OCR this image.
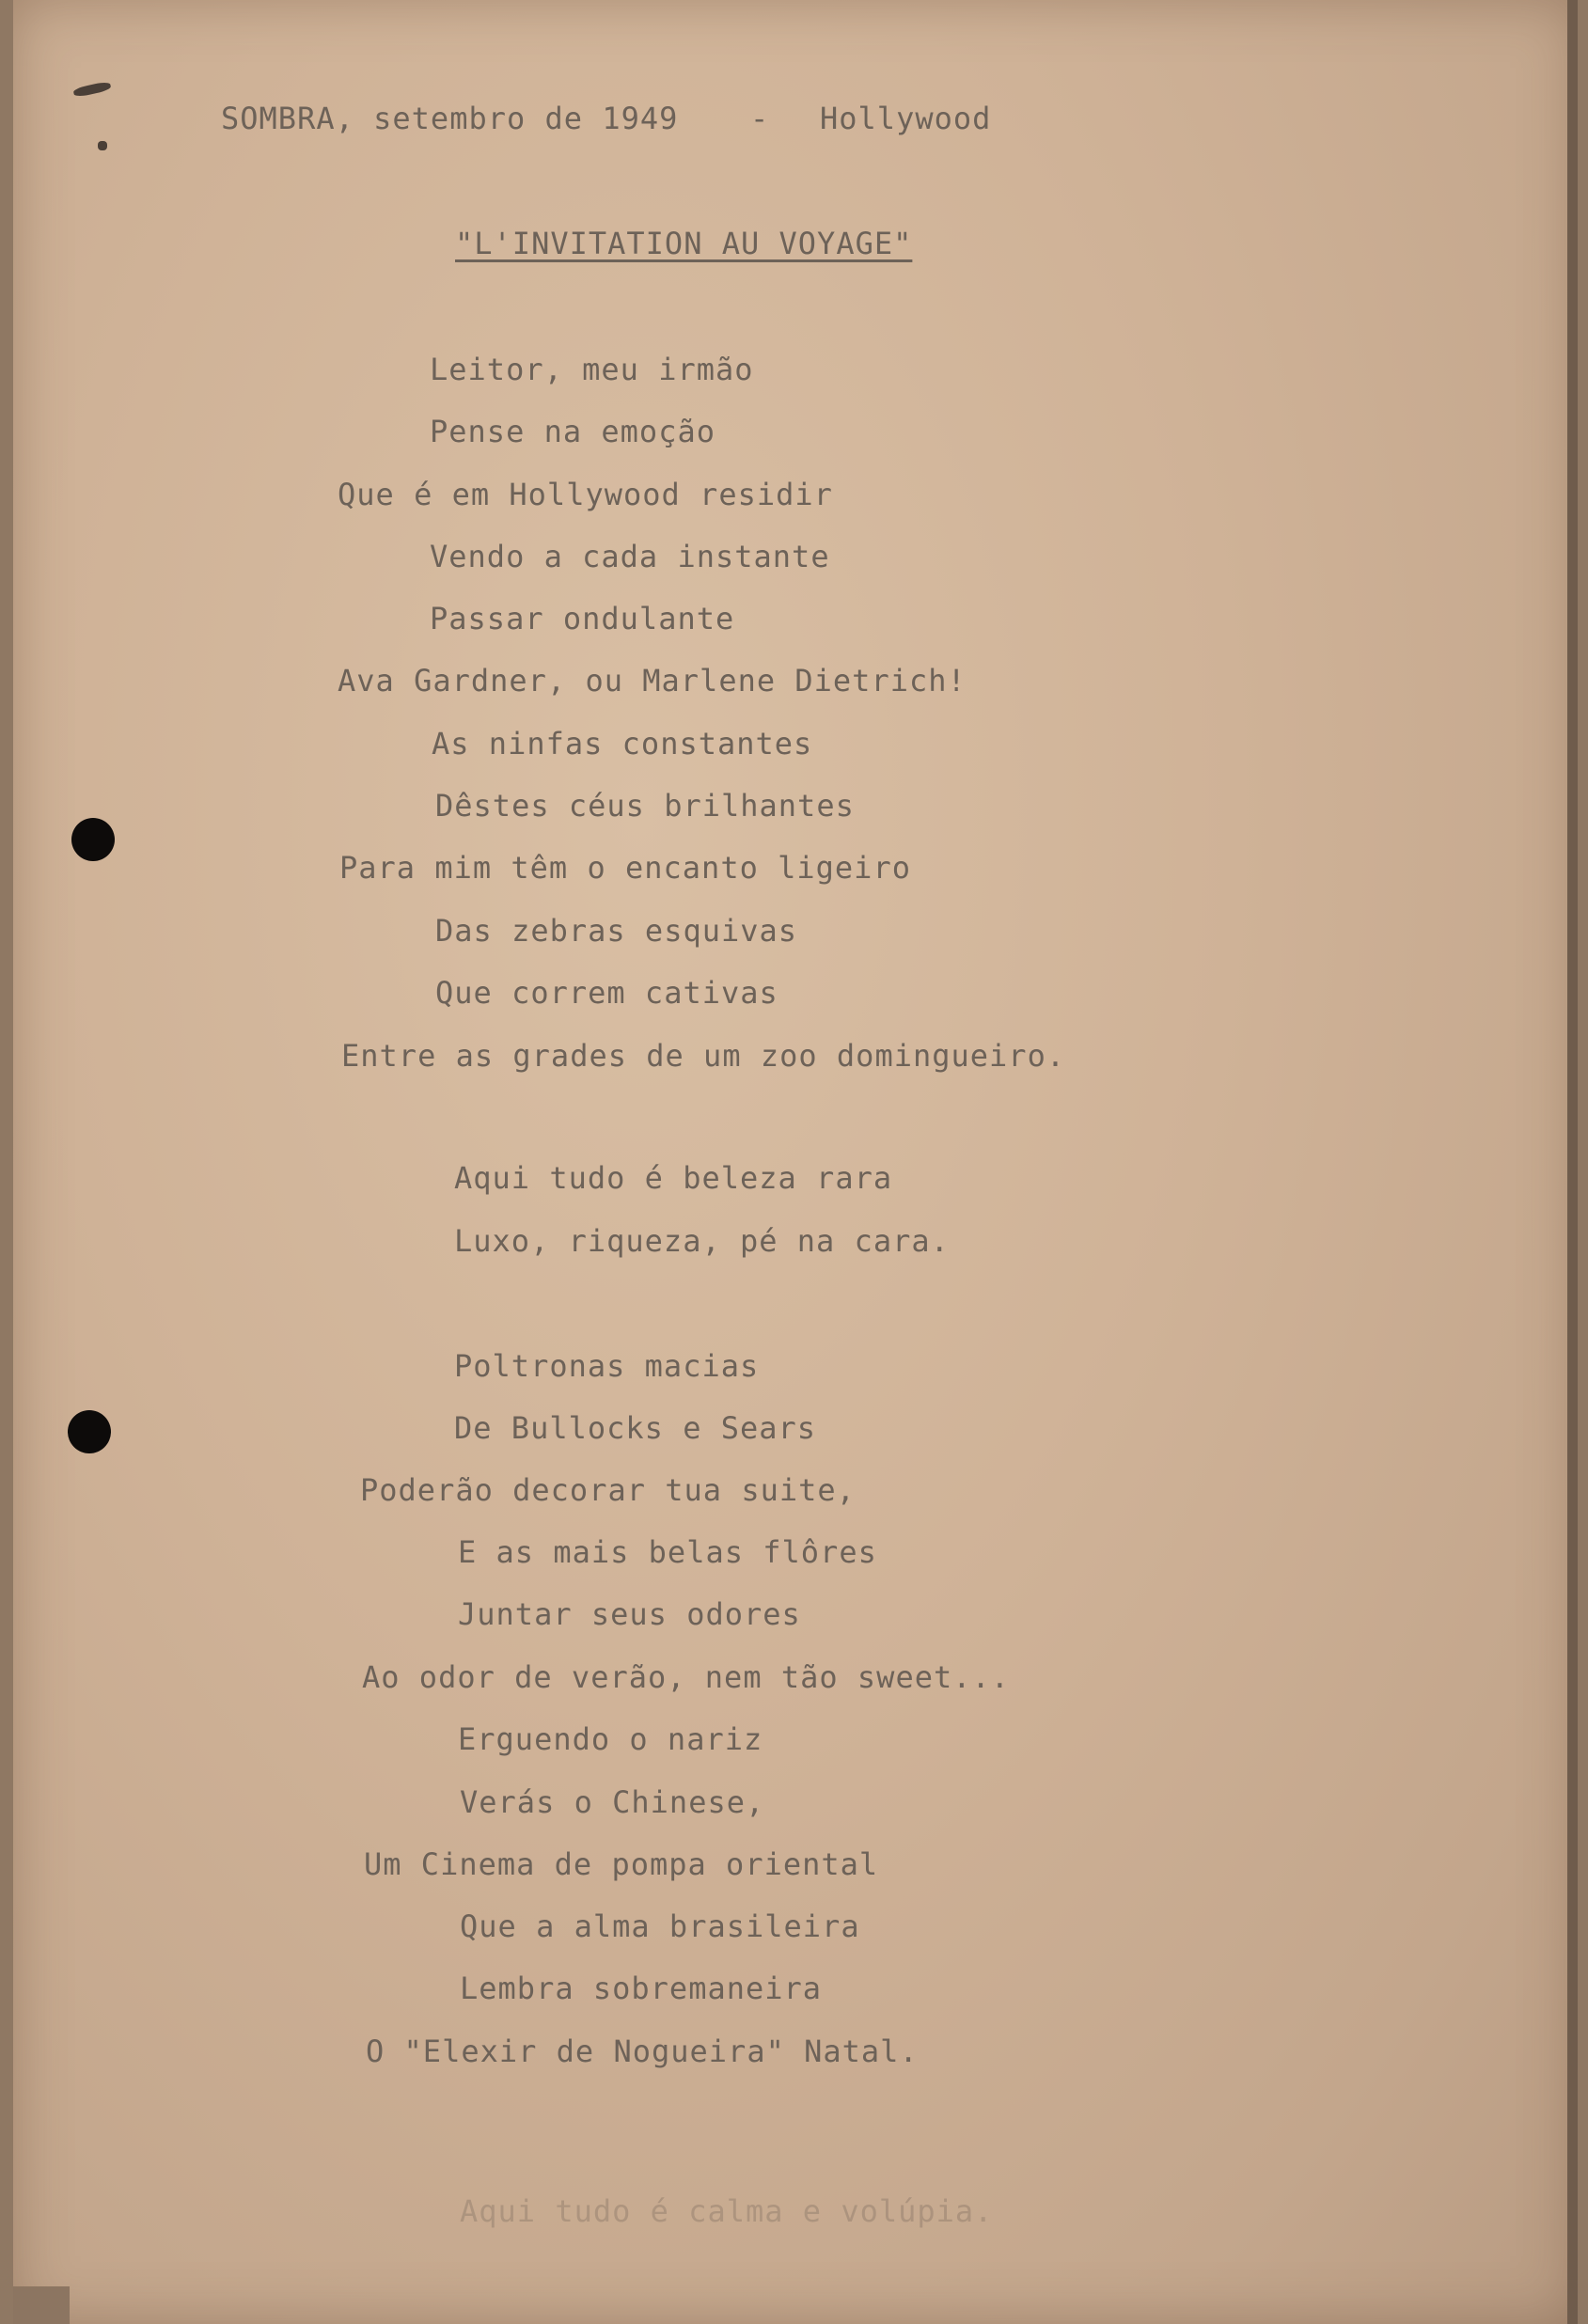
SOMBRA, setembro de 1949 - Hollywood
"L'INVITATION AU VOYAGE"
Leitor, meu irmão
Pense na emoção
Que é em Hollywood residir
Vendo a cada instante
Passar ondulante
Ava Gardner, ou Marlene Dietrich!
As ninfas constantes
Dêstes céus brilhantes
Para mim têm o encanto ligeiro
Das zebras esquivas
Que correm cativas
Entre as grades de um zoo domingueiro.
Aqui tudo é beleza rara
Luxo, riqueza, pé na cara.
Poltronas macias
De Bullocks e Sears
Poderão decorar tua suite,
E as mais belas flôres
Juntar seus odores
Ao odor de verão, nem tão sweet...
Erguendo o nariz
Verás o Chinese,
Um Cinema de pompa oriental
Que a alma brasileira
Lembra sobremaneira
O "Elexir de Nogueira" Natal.
Aqui tudo é calma e volúpia.
